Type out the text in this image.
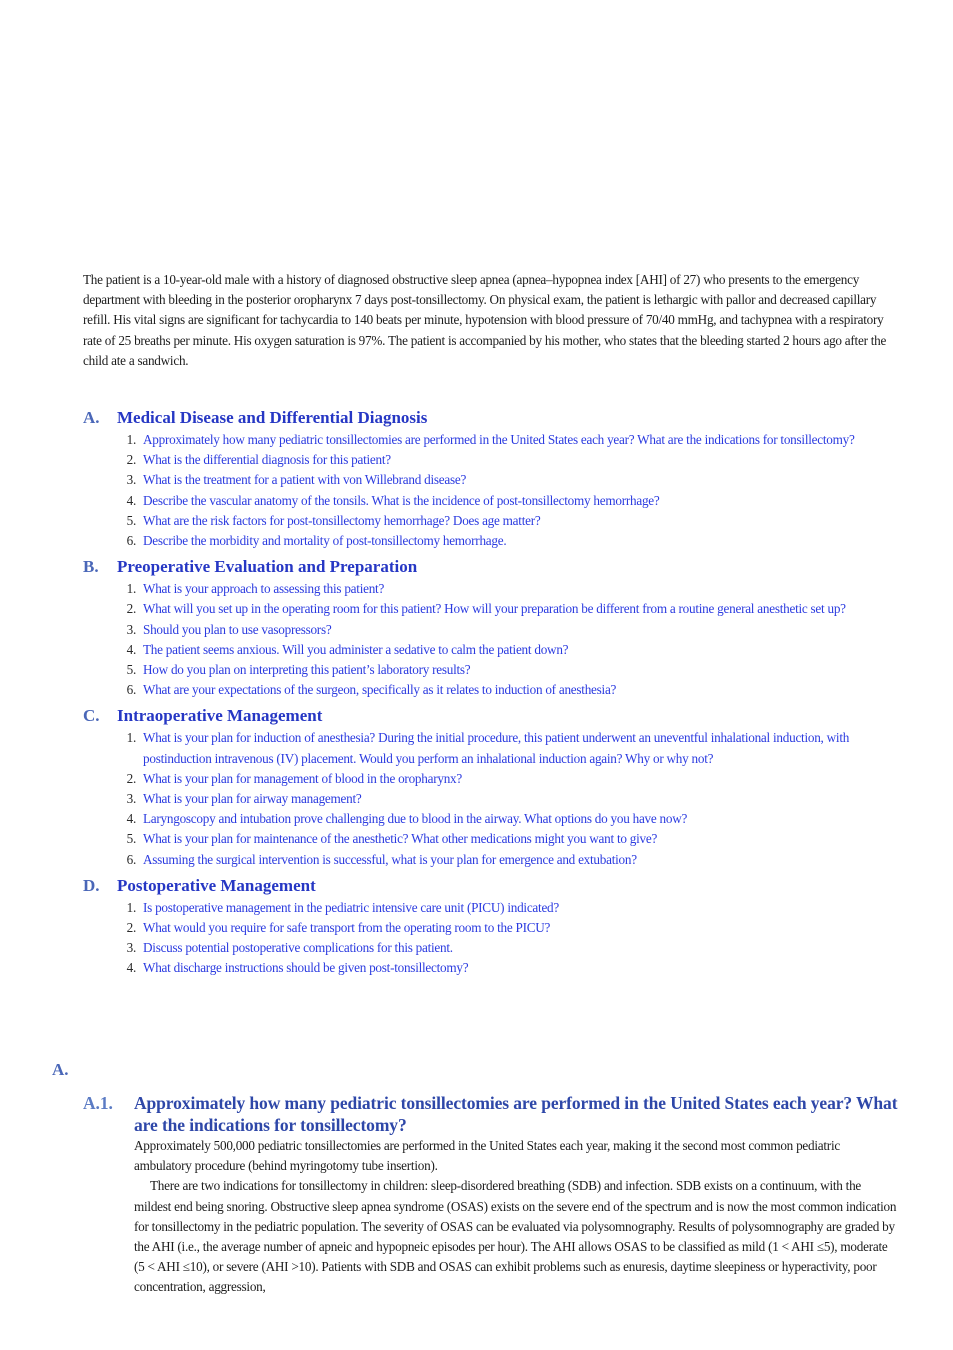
The patient is a 10-year-old male with a history of diagnosed obstructive sleep apnea (apnea–hypopnea index [AHI] of 27) who presents to the emergency department with bleeding in the posterior oropharynx 7 days post-tonsillectomy. On physical exam, the patient is lethargic with pallor and decreased capillary refill. His vital signs are significant for tachycardia to 140 beats per minute, hypotension with blood pressure of 70/40 mmHg, and tachypnea with a respiratory rate of 25 breaths per minute. His oxygen saturation is 97%. The patient is accompanied by his mother, who states that the bleeding started 2 hours ago after the child ate a sandwich.

A.	Medical Disease and Differential Diagnosis
1. Approximately how many pediatric tonsillectomies are performed in the United States each year? What are the indications for tonsillectomy?
2. What is the differential diagnosis for this patient?
3. What is the treatment for a patient with von Willebrand disease?
4. Describe the vascular anatomy of the tonsils. What is the incidence of post-tonsillectomy hemorrhage?
5. What are the risk factors for post-tonsillectomy hemorrhage? Does age matter?
6. Describe the morbidity and mortality of post-tonsillectomy hemorrhage.
B.	Preoperative Evaluation and Preparation
1. What is your approach to assessing this patient?
2. What will you set up in the operating room for this patient? How will your preparation be different from a routine general anesthetic set up?
3. Should you plan to use vasopressors?
4. The patient seems anxious. Will you administer a sedative to calm the patient down?
5. How do you plan on interpreting this patient’s laboratory results?
6. What are your expectations of the surgeon, specifically as it relates to induction of anesthesia?
C.	Intraoperative Management
1. What is your plan for induction of anesthesia? During the initial procedure, this patient underwent an uneventful inhalational induction, with postinduction intravenous (IV) placement. Would you perform an inhalational induction again? Why or why not?
2. What is your plan for management of blood in the oropharynx?
3. What is your plan for airway management?
4. Laryngoscopy and intubation prove challenging due to blood in the airway. What options do you have now?
5. What is your plan for maintenance of the anesthetic? What other medications might you want to give?
6. Assuming the surgical intervention is successful, what is your plan for emergence and extubation?
D.	Postoperative Management
1. Is postoperative management in the pediatric intensive care unit (PICU) indicated?
2. What would you require for safe transport from the operating room to the PICU?
3. Discuss potential postoperative complications for this patient.
4. What discharge instructions should be given post-tonsillectomy?
A.
A.1.	Approximately how many pediatric tonsillectomies are performed in the United States each year? What are the indications for tonsillectomy?

Approximately 500,000 pediatric tonsillectomies are performed in the United States each year, making it the second most common pediatric ambulatory procedure (behind myringotomy tube insertion).

There are two indications for tonsillectomy in children: sleep-disordered breathing (SDB) and infection. SDB exists on a continuum, with the mildest end being snoring. Obstructive sleep apnea syndrome (OSAS) exists on the severe end of the spectrum and is now the most common indication for tonsillectomy in the pediatric population. The severity of OSAS can be evaluated via polysomnography. Results of polysomnography are graded by the AHI (i.e., the average number of apneic and hypopneic episodes per hour). The AHI allows OSAS to be classified as mild (1 < AHI ≤5), moderate (5 < AHI ≤10), or severe (AHI >10). Patients with SDB and OSAS can exhibit problems such as enuresis, daytime sleepiness or hyperactivity, poor concentration, aggression,
